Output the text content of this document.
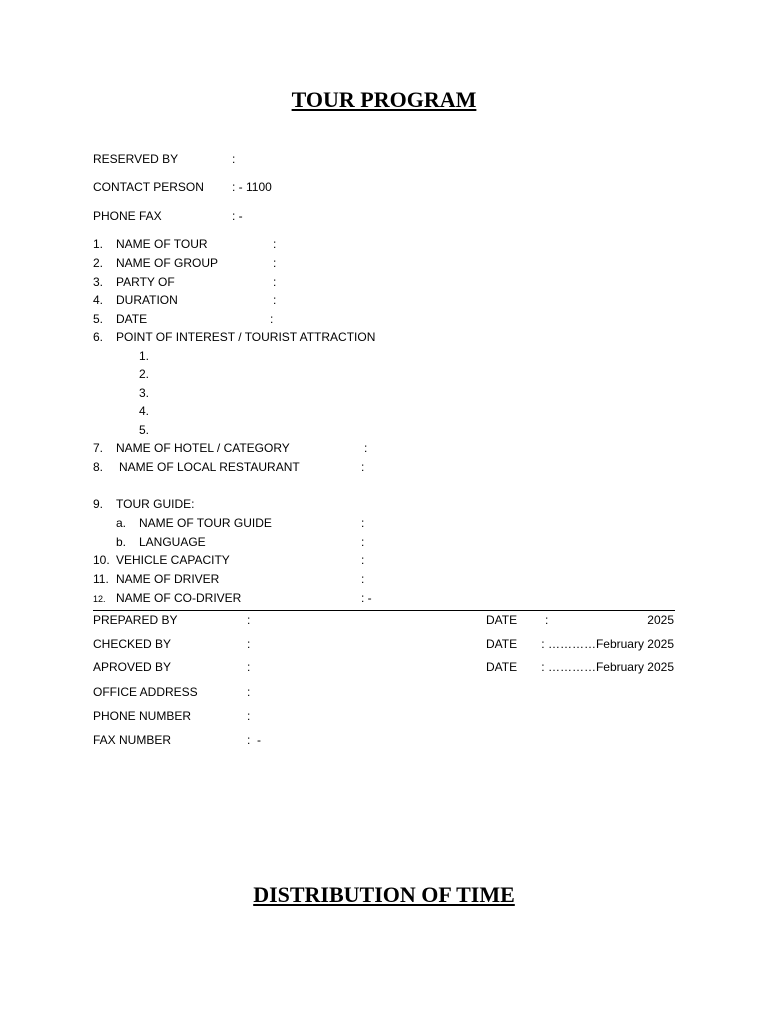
TOUR PROGRAM
RESERVED BY	:
CONTACT PERSON : - 1100
PHONE FAX	: -
1. NAME OF TOUR	:
2. NAME OF GROUP	:
3. PARTY OF	:
4. DURATION	:
5. DATE	:
6. POINT OF INTEREST / TOURIST ATTRACTION
1.
2.
3.
4.
5.
7. NAME OF HOTEL / CATEGORY	:
8. NAME OF LOCAL RESTAURANT	:
9. TOUR GUIDE:
a. NAME OF TOUR GUIDE	:
b. LANGUAGE	:
10. VEHICLE CAPACITY	:
11. NAME OF DRIVER	:
12. NAME OF CO-DRIVER	: -
PREPARED BY	:	DATE :	2025
CHECKED BY	:	DATE : …………February 2025
APROVED BY	:	DATE : …………February 2025
OFFICE ADDRESS	:
PHONE NUMBER	:
FAX NUMBER	:  -
DISTRIBUTION OF TIME
